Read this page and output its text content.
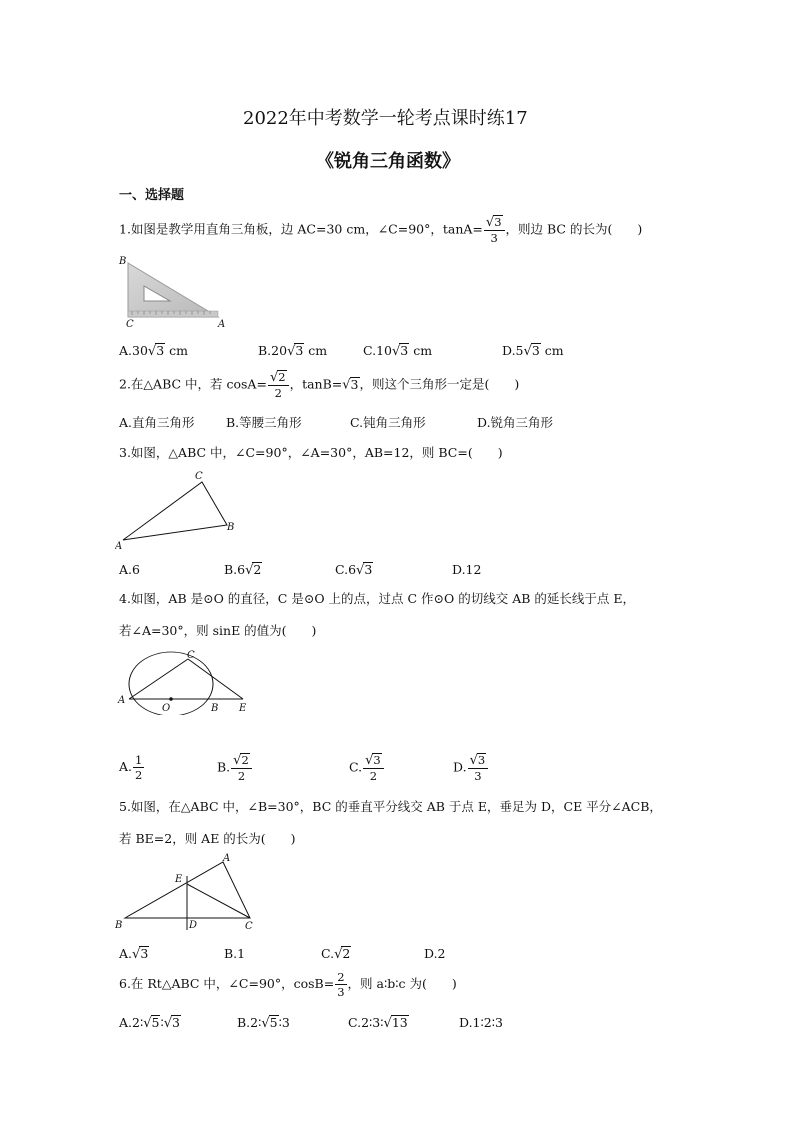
2022年中考数学一轮考点课时练17
《锐角三角函数》
一、选择题
1.如图是教学用直角三角板，边 AC=30 cm，∠C=90°，$\tan A= \frac{√3}{3}$ ，则边 BC 的长为(　　)
B
C	A
A.30√3 cm	B.20√3 cm	C.10√3 cm	D.5√3 cm
2.在△ABC 中，若 $\cos A= \frac{√2}{2}$ ，tanB=√3，则这个三角形一定是(　　)
A.直角三角形	B.等腰三角形	C.钝角三角形	D.锐角三角形
3.如图，△ABC 中，∠C=90°，∠A=30°，AB=12，则 BC=(　　)
A
C
B
A.6	B.6√2	C.6√3	D.12
4.如图，AB 是⊙O 的直径，C 是⊙O 上的点，过点 C 作⊙O 的切线交 AB 的延长线于点 E，
若∠A=30°，则 sinE 的值为(　　)
A
O	B
C
E
A. $\frac{1}{2}$	B. $\frac{√2}{2}$	C. $\frac{√3}{2}$	D. $\frac{√3}{3}$
5.如图，在△ABC 中，∠B=30°，BC 的垂直平分线交 AB 于点 E，垂足为 D，CE 平分∠ACB，
若 BE=2，则 AE 的长为(　　)
B	D	C
A
E
A.√3	B.1	C.√2	D.2
6.在 Rt△ABC 中，∠C=90°，$\cos B= \frac{2}{3}$ ，则 a∶b∶c 为(　　)
A.2∶√5∶√3	B.2∶√5∶3	C.2∶3∶√13	D.1∶2∶3
